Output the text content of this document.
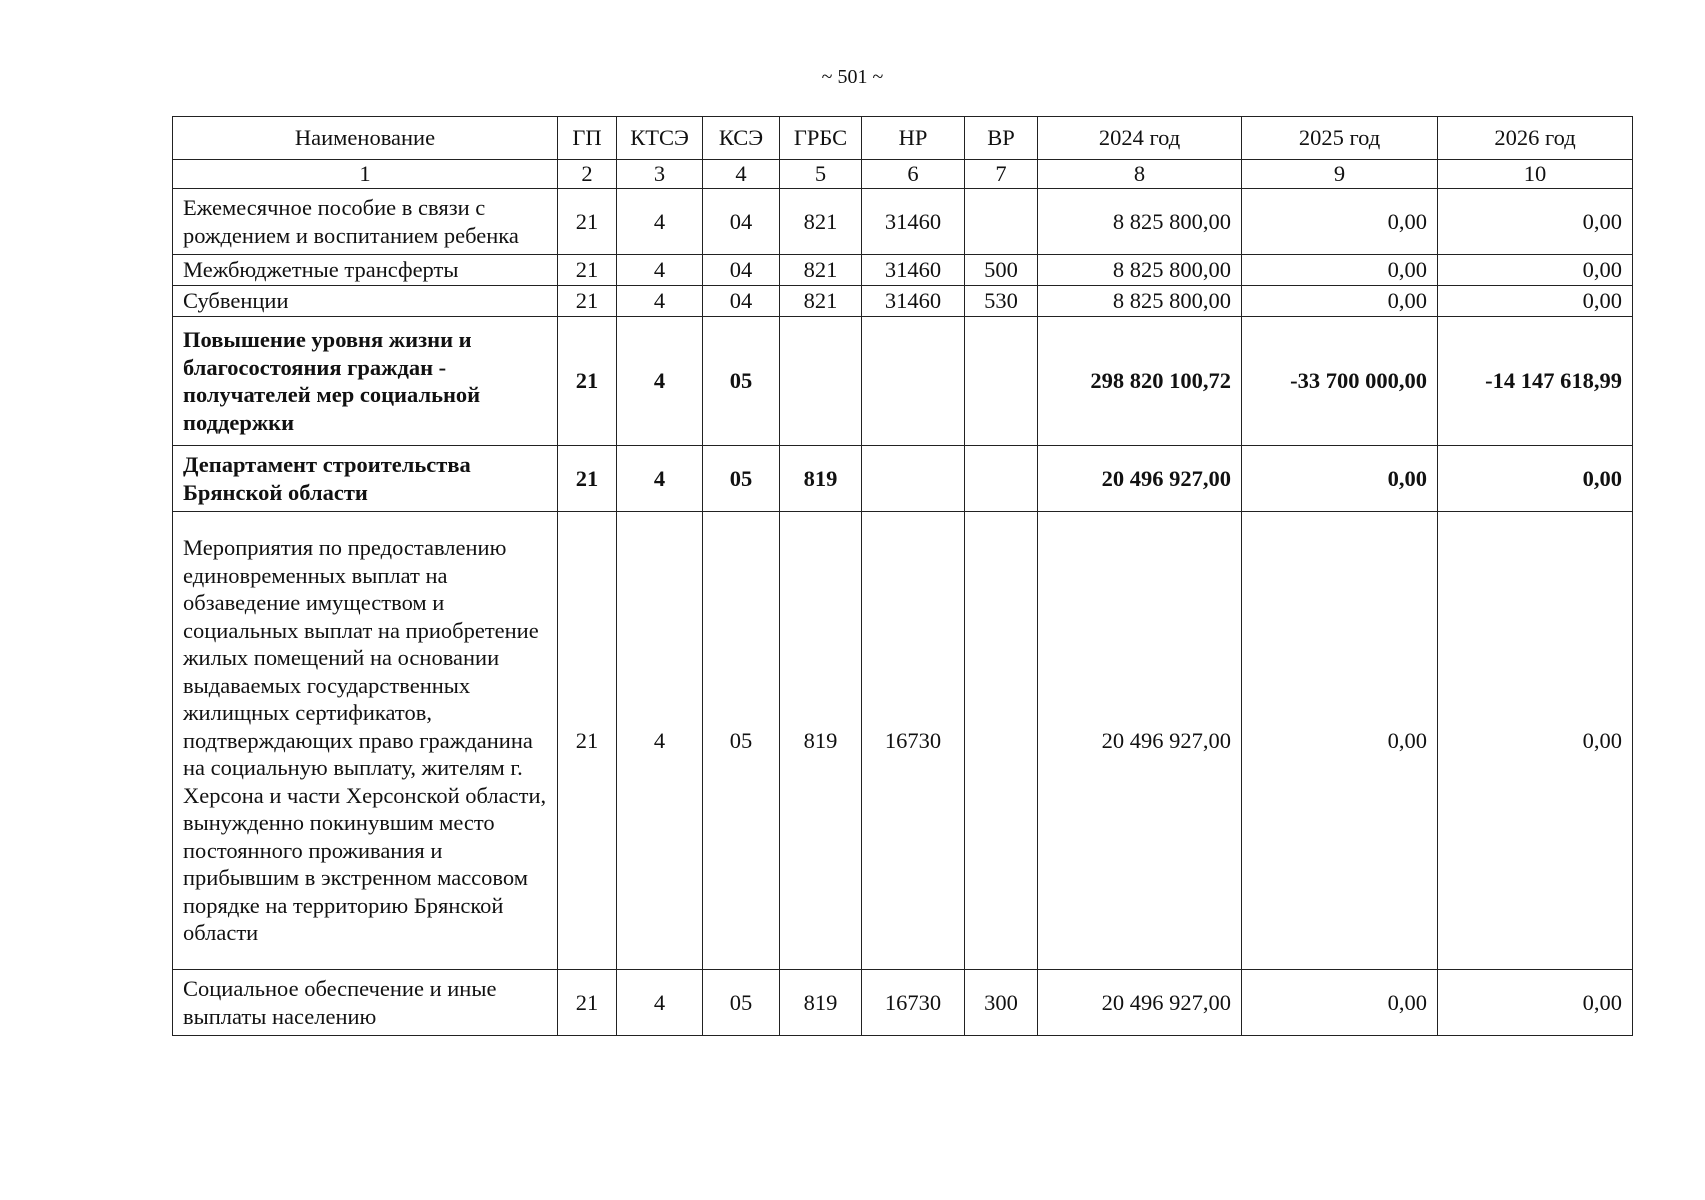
~ 501 ~
Наименование	ГП	КТСЭ	КСЭ	ГРБС	НР	ВР	2024 год	2025 год	2026 год
1	2	3	4	5	6	7	8	9	10
Ежемесячное пособие в связи с рождением и воспитанием ребенка	21	4	04	821	31460		8 825 800,00	0,00	0,00
Межбюджетные трансферты	21	4	04	821	31460	500	8 825 800,00	0,00	0,00
Субвенции	21	4	04	821	31460	530	8 825 800,00	0,00	0,00
Повышение уровня жизни и благосостояния граждан - получателей мер социальной поддержки	21	4	05				298 820 100,72	-33 700 000,00	-14 147 618,99
Департамент строительства Брянской области	21	4	05	819			20 496 927,00	0,00	0,00
Мероприятия по предоставлению единовременных выплат на обзаведение имуществом и социальных выплат на приобретение жилых помещений на основании выдаваемых государственных жилищных сертификатов, подтверждающих право гражданина на социальную выплату, жителям г. Херсона и части Херсонской области, вынужденно покинувшим место постоянного проживания и прибывшим в экстренном массовом порядке на территорию Брянской области	21	4	05	819	16730		20 496 927,00	0,00	0,00
Социальное обеспечение и иные выплаты населению	21	4	05	819	16730	300	20 496 927,00	0,00	0,00
